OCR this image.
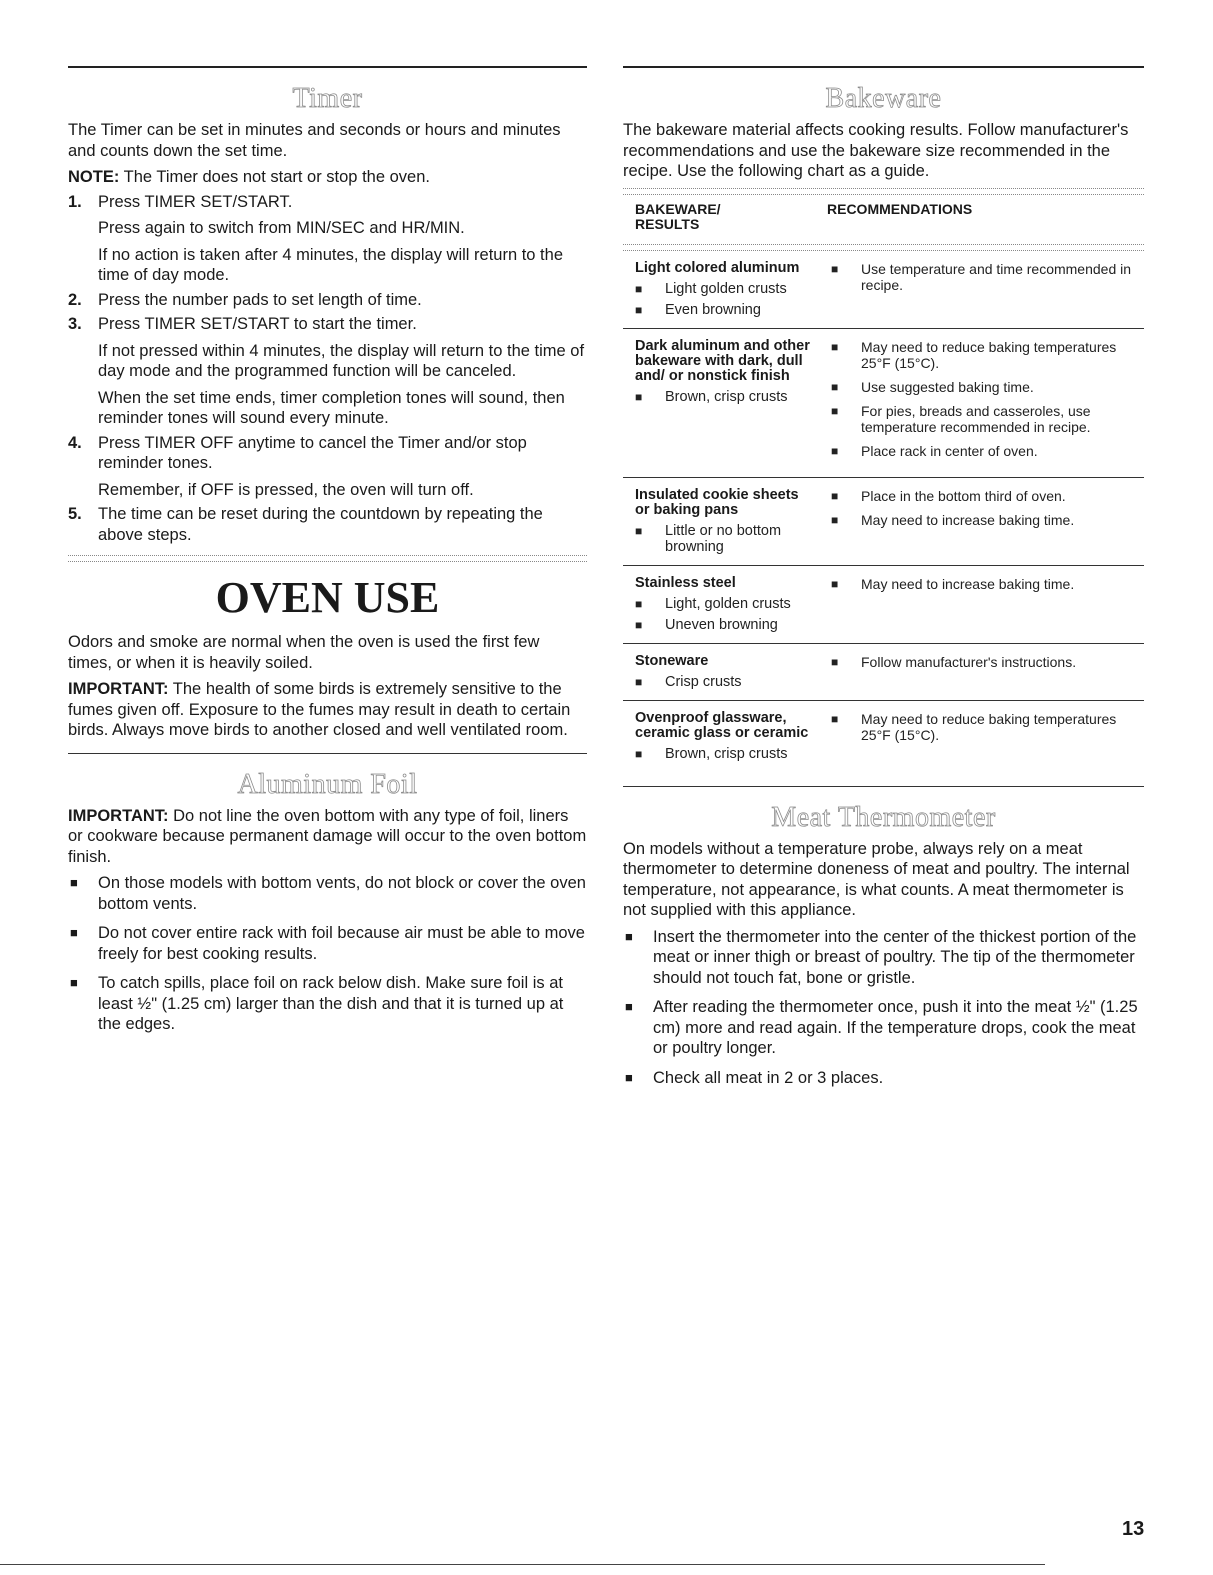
Timer

The Timer can be set in minutes and seconds or hours and minutes and counts down the set time.

NOTE: The Timer does not start or stop the oven.

1. Press TIMER SET/START.
Press again to switch from MIN/SEC and HR/MIN.
If no action is taken after 4 minutes, the display will return to the time of day mode.
2. Press the number pads to set length of time.
3. Press TIMER SET/START to start the timer.
If not pressed within 4 minutes, the display will return to the time of day mode and the programmed function will be canceled.
When the set time ends, timer completion tones will sound, then reminder tones will sound every minute.
4. Press TIMER OFF anytime to cancel the Timer and/or stop reminder tones.
Remember, if OFF is pressed, the oven will turn off.
5. The time can be reset during the countdown by repeating the above steps.
OVEN USE

Odors and smoke are normal when the oven is used the first few times, or when it is heavily soiled.

IMPORTANT: The health of some birds is extremely sensitive to the fumes given off. Exposure to the fumes may result in death to certain birds. Always move birds to another closed and well ventilated room.

Aluminum Foil

IMPORTANT: Do not line the oven bottom with any type of foil, liners or cookware because permanent damage will occur to the oven bottom finish.

■ On those models with bottom vents, do not block or cover the oven bottom vents.
■ Do not cover entire rack with foil because air must be able to move freely for best cooking results.
■ To catch spills, place foil on rack below dish. Make sure foil is at least ½" (1.25 cm) larger than the dish and that it is turned up at the edges.
Bakeware

The bakeware material affects cooking results. Follow manufacturer's recommendations and use the bakeware size recommended in the recipe. Use the following chart as a guide.

BAKEWARE/
RESULTS
RECOMMENDATIONS
Light colored aluminum
■ Light golden crusts
■ Even browning
■ Use temperature and time recommended in recipe.
Dark aluminum and other bakeware with dark, dull and/ or nonstick finish
■ Brown, crisp crusts
■ May need to reduce baking temperatures 25°F (15°C).
■ Use suggested baking time.
■ For pies, breads and casseroles, use temperature recommended in recipe.
■ Place rack in center of oven.
Insulated cookie sheets or baking pans
■ Little or no bottom browning
■ Place in the bottom third of oven.
■ May need to increase baking time.
Stainless steel
■ Light, golden crusts
■ Uneven browning
■ May need to increase baking time.
Stoneware
■ Crisp crusts
■ Follow manufacturer's instructions.
Ovenproof glassware, ceramic glass or ceramic
■ Brown, crisp crusts
■ May need to reduce baking temperatures 25°F (15°C).
Meat Thermometer

On models without a temperature probe, always rely on a meat thermometer to determine doneness of meat and poultry. The internal temperature, not appearance, is what counts. A meat thermometer is not supplied with this appliance.

■ Insert the thermometer into the center of the thickest portion of the meat or inner thigh or breast of poultry. The tip of the thermometer should not touch fat, bone or gristle.
■ After reading the thermometer once, push it into the meat ½" (1.25 cm) more and read again. If the temperature drops, cook the meat or poultry longer.
■ Check all meat in 2 or 3 places.
13
